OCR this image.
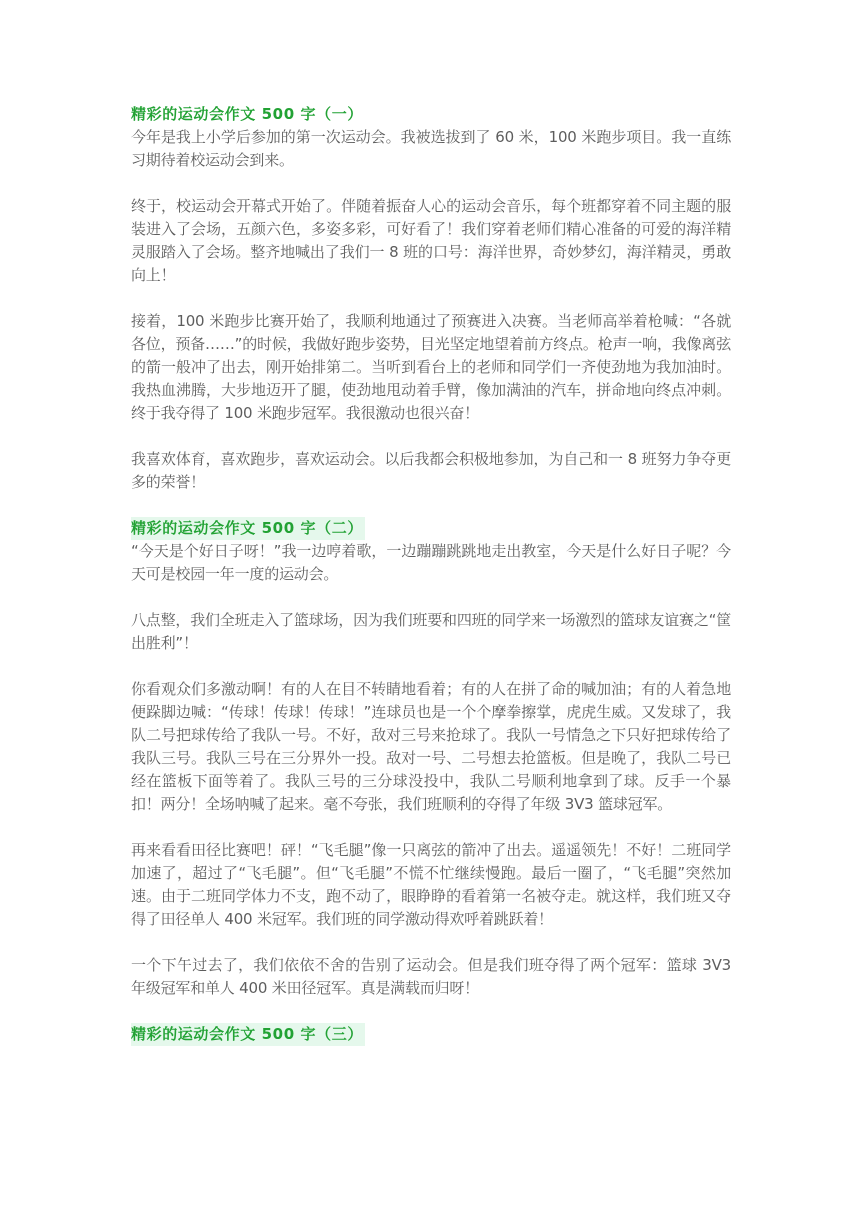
精彩的运动会作文 500 字（一）

今年是我上小学后参加的第一次运动会。我被选拔到了 60 米，100 米跑步项目。我一直练习期待着校运动会到来。

终于，校运动会开幕式开始了。伴随着振奋人心的运动会音乐，每个班都穿着不同主题的服装进入了会场，五颜六色，多姿多彩，可好看了！我们穿着老师们精心准备的可爱的海洋精灵服踏入了会场。整齐地喊出了我们一 8 班的口号：海洋世界，奇妙梦幻，海洋精灵，勇敢向上！

接着，100 米跑步比赛开始了，我顺利地通过了预赛进入决赛。当老师高举着枪喊：“各就各位，预备……”的时候，我做好跑步姿势，目光坚定地望着前方终点。枪声一响，我像离弦的箭一般冲了出去，刚开始排第二。当听到看台上的老师和同学们一齐使劲地为我加油时。我热血沸腾，大步地迈开了腿，使劲地甩动着手臂，像加满油的汽车，拼命地向终点冲刺。终于我夺得了 100 米跑步冠军。我很激动也很兴奋！

我喜欢体育，喜欢跑步，喜欢运动会。以后我都会积极地参加，为自己和一 8 班努力争夺更多的荣誉！

精彩的运动会作文 500 字（二）

“今天是个好日子呀！”我一边哼着歌，一边蹦蹦跳跳地走出教室，今天是什么好日子呢？今天可是校园一年一度的运动会。

八点整，我们全班走入了篮球场，因为我们班要和四班的同学来一场激烈的篮球友谊赛之“筐出胜利”！

你看观众们多激动啊！有的人在目不转睛地看着；有的人在拼了命的喊加油；有的人着急地便跺脚边喊：“传球！传球！传球！”连球员也是一个个摩拳擦掌，虎虎生威。又发球了，我队二号把球传给了我队一号。不好，敌对三号来抢球了。我队一号情急之下只好把球传给了我队三号。我队三号在三分界外一投。敌对一号、二号想去抢篮板。但是晚了，我队二号已经在篮板下面等着了。我队三号的三分球没投中，我队二号顺利地拿到了球。反手一个暴扣！两分！全场呐喊了起来。毫不夸张，我们班顺利的夺得了年级 3V3 篮球冠军。

再来看看田径比赛吧！砰！“飞毛腿”像一只离弦的箭冲了出去。遥遥领先！不好！二班同学加速了，超过了“飞毛腿”。但“飞毛腿”不慌不忙继续慢跑。最后一圈了，“飞毛腿”突然加速。由于二班同学体力不支，跑不动了，眼睁睁的看着第一名被夺走。就这样，我们班又夺得了田径单人 400 米冠军。我们班的同学激动得欢呼着跳跃着！

一个下午过去了，我们依依不舍的告别了运动会。但是我们班夺得了两个冠军：篮球 3V3 年级冠军和单人 400 米田径冠军。真是满载而归呀！

精彩的运动会作文 500 字（三）
